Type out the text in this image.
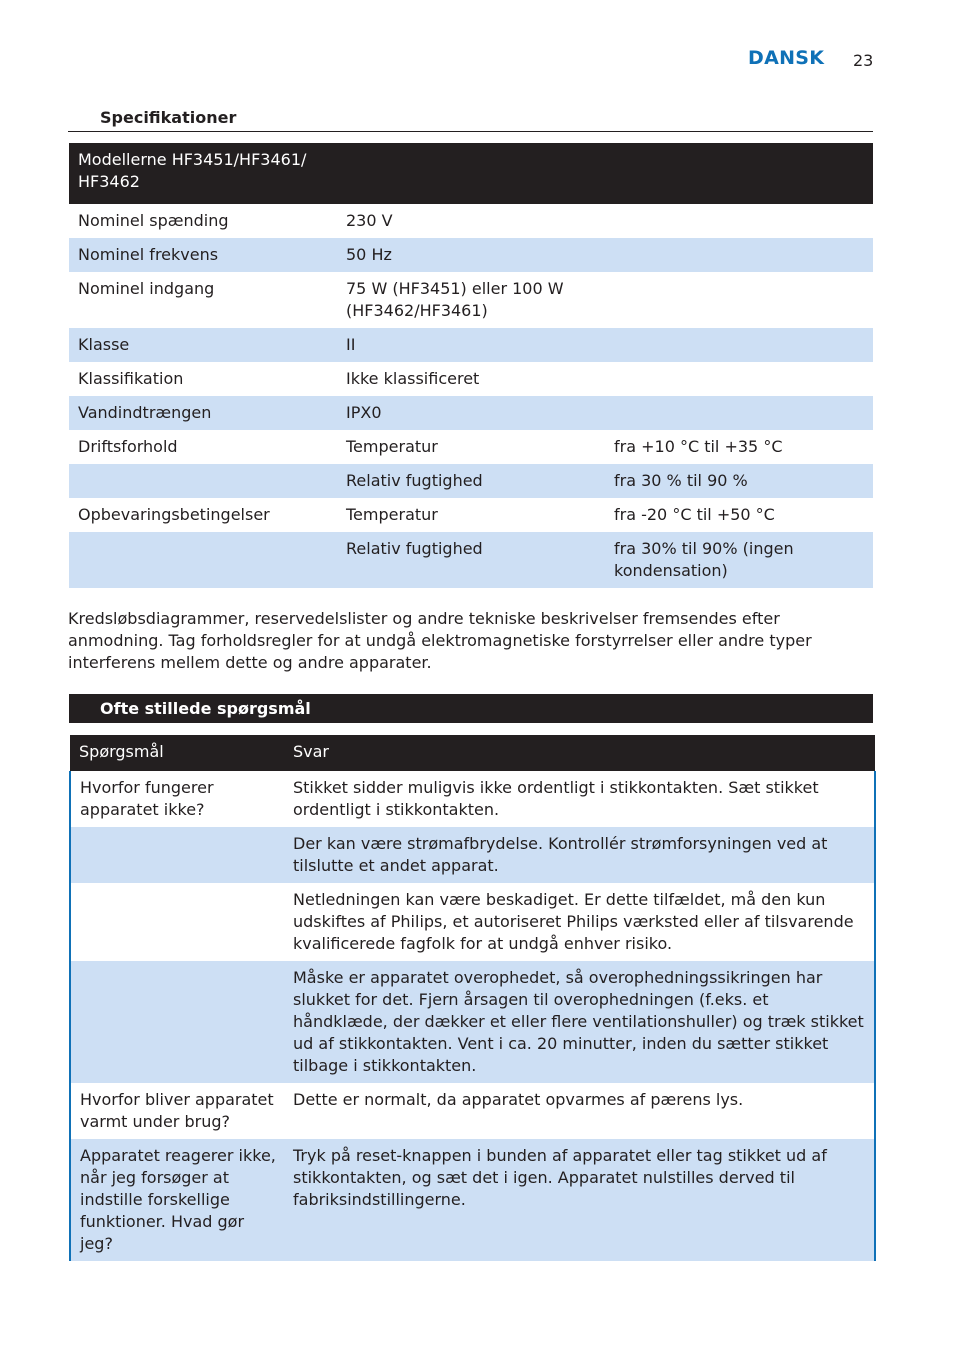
DANSK 23
Specifikationer
Modellerne HF3451/HF3461/ HF3462		
Nominel spænding	230 V	
Nominel frekvens	50 Hz	
Nominel indgang	75 W (HF3451) eller 100 W (HF3462/HF3461)	
Klasse	II	
Klassifikation	Ikke klassificeret	
Vandindtrængen	IPX0	
Driftsforhold	Temperatur	fra +10 °C til +35 °C
	Relativ fugtighed	fra 30 % til 90 %
Opbevaringsbetingelser	Temperatur	fra -20 °C til +50 °C
	Relativ fugtighed	fra 30% til 90% (ingen kondensation)
Kredsløbsdiagrammer, reservedelslister og andre tekniske beskrivelser fremsendes efter anmodning. Tag forholdsregler for at undgå elektromagnetiske forstyrrelser eller andre typer interferens mellem dette og andre apparater.
Ofte stillede spørgsmål
Spørgsmål	Svar
Hvorfor fungerer apparatet ikke?	Stikket sidder muligvis ikke ordentligt i stikkontakten. Sæt stikket ordentligt i stikkontakten.
	Der kan være strømafbrydelse. Kontrollér strømforsyningen ved at tilslutte et andet apparat.
	Netledningen kan være beskadiget. Er dette tilfældet, må den kun udskiftes af Philips, et autoriseret Philips værksted eller af tilsvarende kvalificerede fagfolk for at undgå enhver risiko.
	Måske er apparatet overophedet, så overophedningssikringen har slukket for det. Fjern årsagen til overophedningen (f.eks. et håndklæde, der dækker et eller flere ventilationshuller) og træk stikket ud af stikkontakten. Vent i ca. 20 minutter, inden du sætter stikket tilbage i stikkontakten.
Hvorfor bliver apparatet varmt under brug?	Dette er normalt, da apparatet opvarmes af pærens lys.
Apparatet reagerer ikke, når jeg forsøger at indstille forskellige funktioner. Hvad gør jeg?	Tryk på reset-knappen i bunden af apparatet eller tag stikket ud af stikkontakten, og sæt det i igen. Apparatet nulstilles derved til fabriksindstillingerne.
